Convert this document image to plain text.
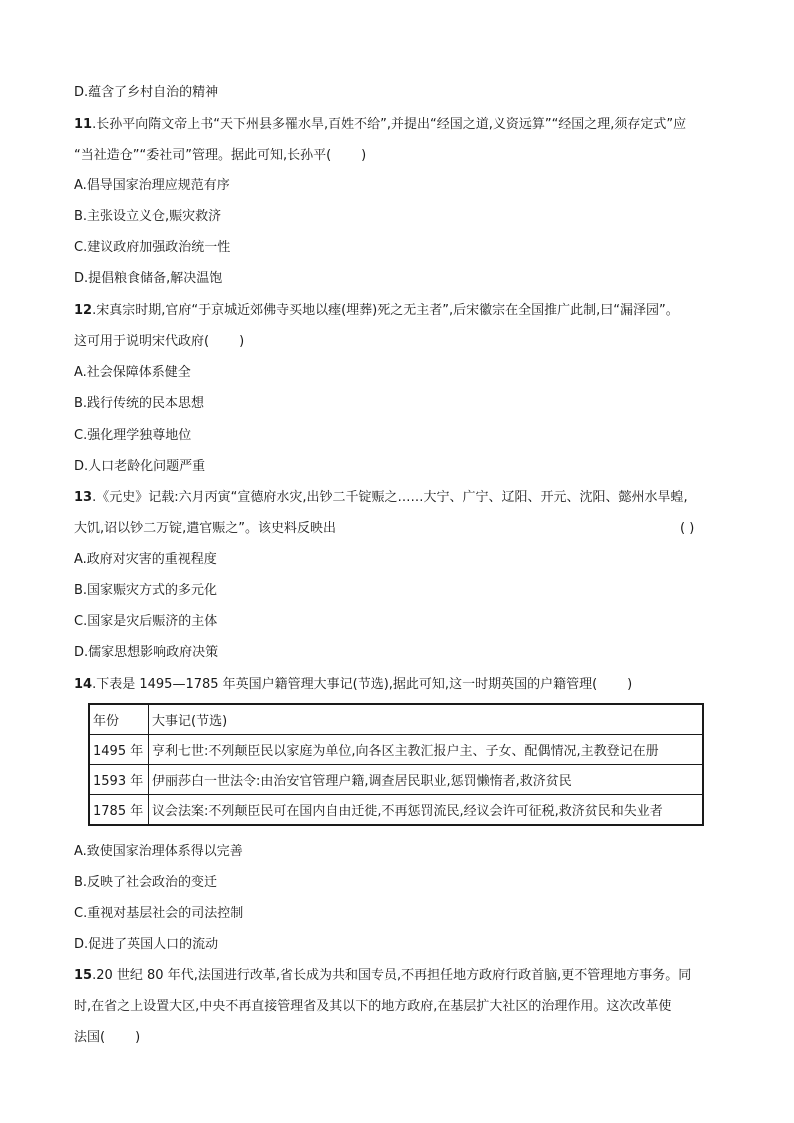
D.蕴含了乡村自治的精神
11.长孙平向隋文帝上书“天下州县多罹水旱,百姓不给”,并提出“经国之道,义资远算”“经国之理,须存定式”应
“当社造仓”“委社司”管理。据此可知,长孙平( )
A.倡导国家治理应规范有序
B.主张设立义仓,赈灾救济
C.建议政府加强政治统一性
D.提倡粮食储备,解决温饱
12.宋真宗时期,官府“于京城近郊佛寺买地以瘗(埋葬)死之无主者”,后宋徽宗在全国推广此制,曰“漏泽园”。
这可用于说明宋代政府( )
A.社会保障体系健全
B.践行传统的民本思想
C.强化理学独尊地位
D.人口老龄化问题严重
13.《元史》记载:六月丙寅“宣德府水灾,出钞二千锭赈之……大宁、广宁、辽阳、开元、沈阳、懿州水旱蝗,
大饥,诏以钞二万锭,遣官赈之”。该史料反映出	( )
A.政府对灾害的重视程度
B.国家赈灾方式的多元化
C.国家是灾后赈济的主体
D.儒家思想影响政府决策
14.下表是 1495—1785 年英国户籍管理大事记(节选),据此可知,这一时期英国的户籍管理( )
年份	大事记(节选)
1495 年	亨利七世:不列颠臣民以家庭为单位,向各区主教汇报户主、子女、配偶情况,主教登记在册
1593 年	伊丽莎白一世法令:由治安官管理户籍,调查居民职业,惩罚懒惰者,救济贫民
1785 年	议会法案:不列颠臣民可在国内自由迁徙,不再惩罚流民,经议会许可征税,救济贫民和失业者
A.致使国家治理体系得以完善
B.反映了社会政治的变迁
C.重视对基层社会的司法控制
D.促进了英国人口的流动
15.20 世纪 80 年代,法国进行改革,省长成为共和国专员,不再担任地方政府行政首脑,更不管理地方事务。同
时,在省之上设置大区,中央不再直接管理省及其以下的地方政府,在基层扩大社区的治理作用。这次改革使
法国( )
